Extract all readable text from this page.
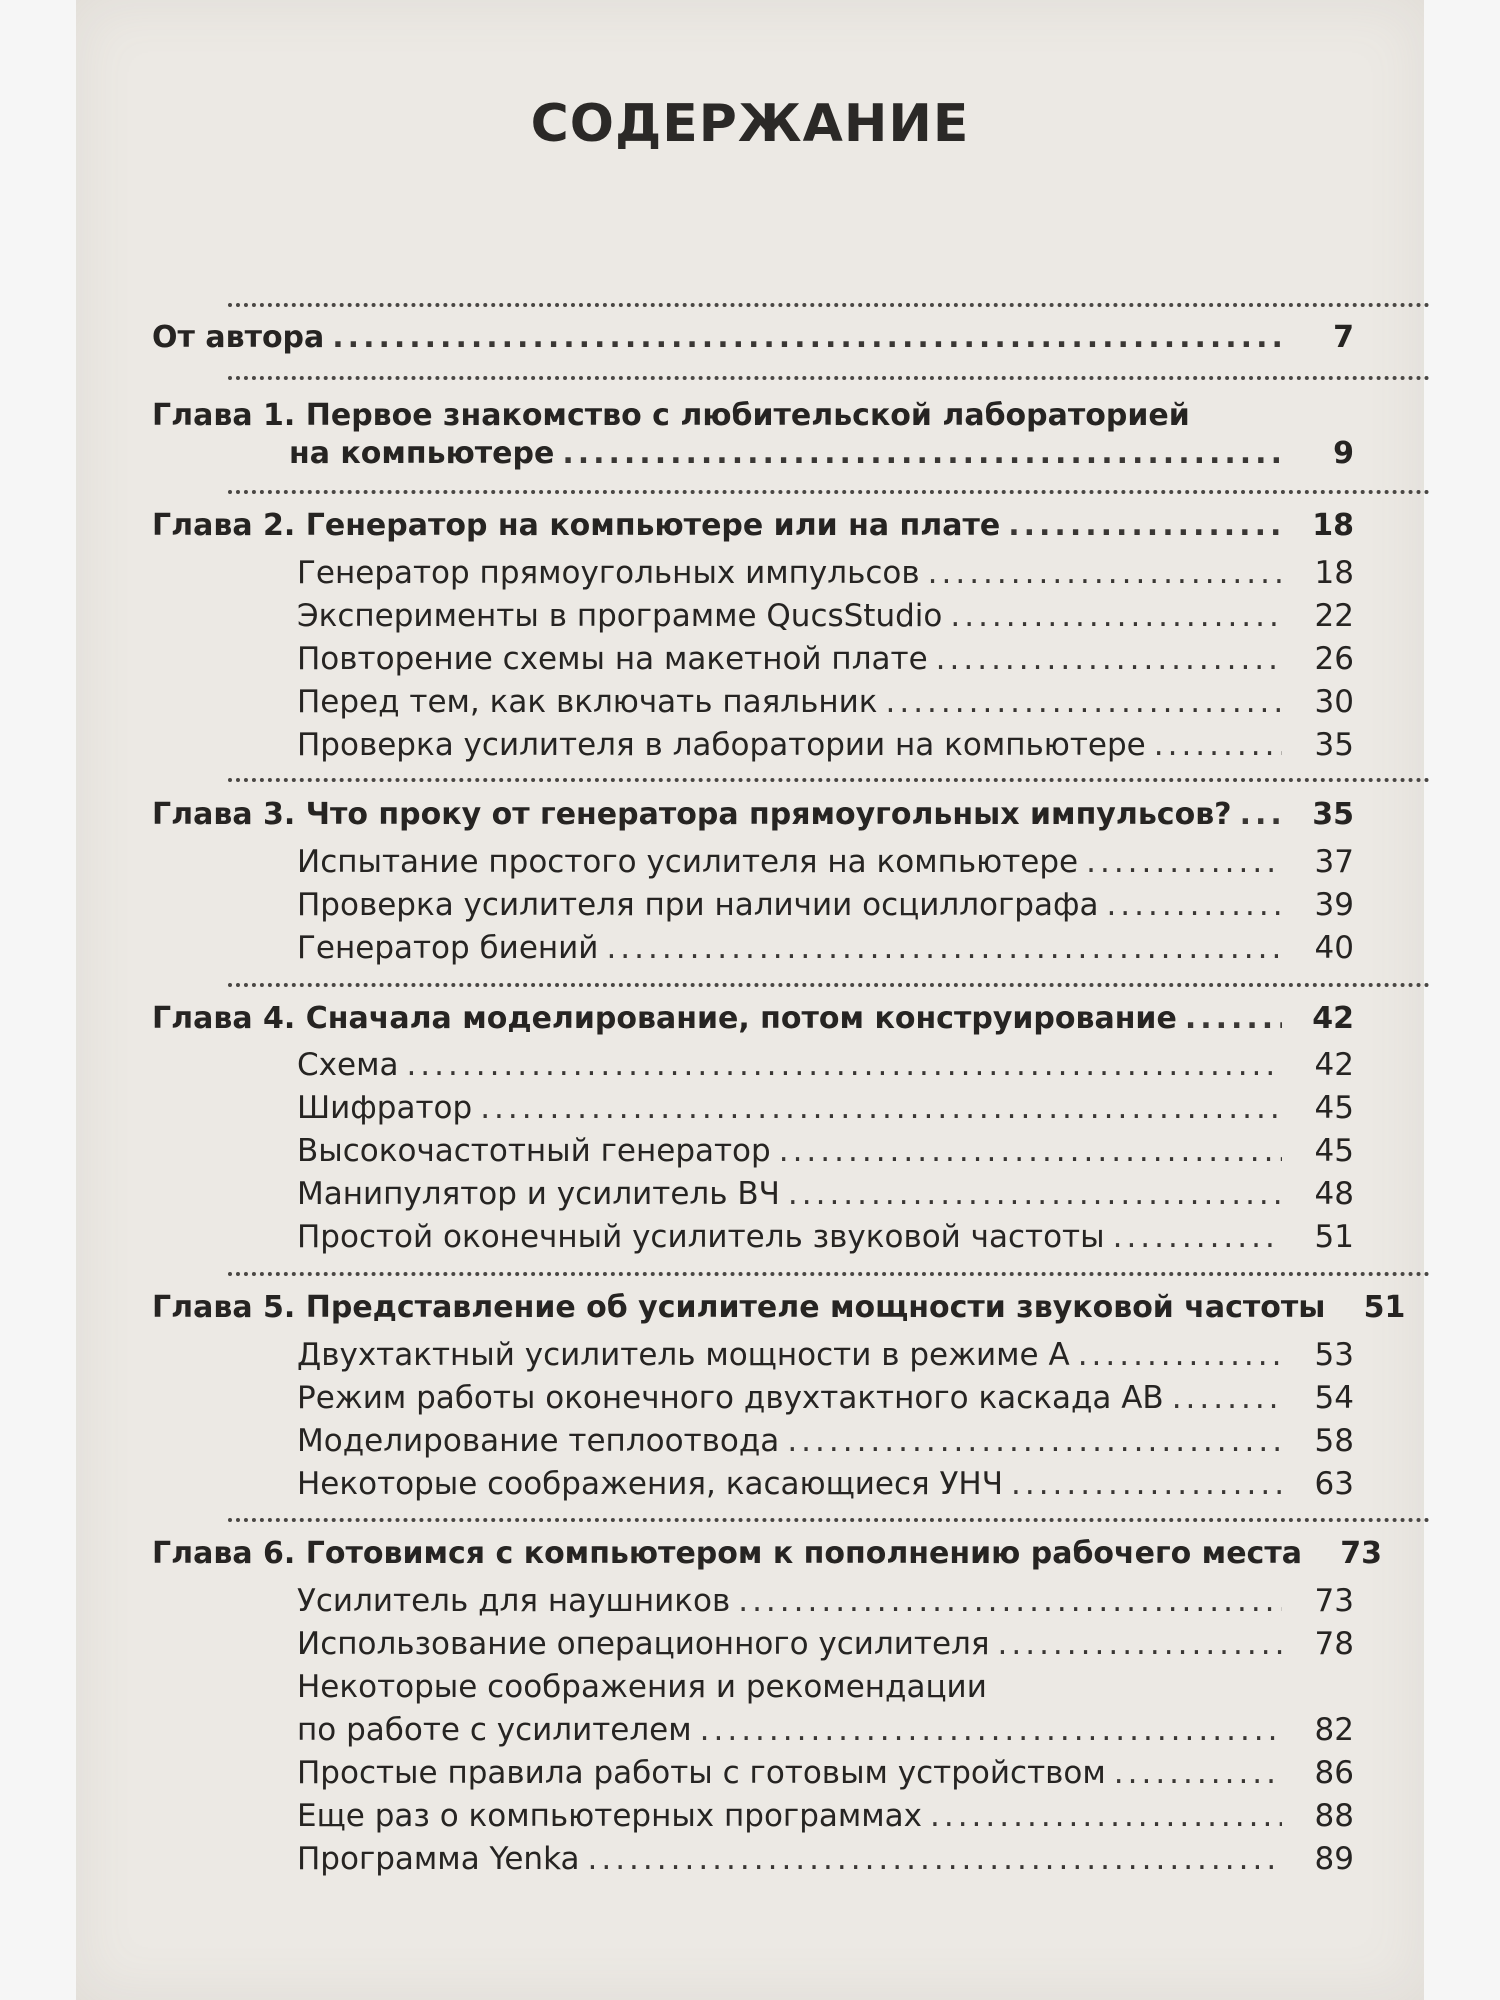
СОДЕРЖАНИЕ
От автора .....	7
Глава 1.
Первое знакомство с любительской лабораторией
на компьютере .....	9
Глава 2.
Генератор на компьютере или на плате .....	18
Генератор прямоугольных импульсов .....	18
Эксперименты в программе QucsStudio .....	22
Повторение схемы на макетной плате .....	26
Перед тем, как включать паяльник .....	30
Проверка усилителя в лаборатории на компьютере .....	35
Глава 3.
Что проку от генератора прямоугольных импульсов? .....	35
Испытание простого усилителя на компьютере .....	37
Проверка усилителя при наличии осциллографа .....	39
Генератор биений .....	40
Глава 4.
Сначала моделирование, потом конструирование .....	42
Схема .....	42
Шифратор .....	45
Высокочастотный генератор .....	45
Манипулятор и усилитель ВЧ .....	48
Простой оконечный усилитель звуковой частоты .....	51
Глава 5.
Представление об усилителе мощности звуковой частоты	51
Двухтактный усилитель мощности в режиме А .....	53
Режим работы оконечного двухтактного каскада АВ .....	54
Моделирование теплоотвода .....	58
Некоторые соображения, касающиеся УНЧ .....	63
Глава 6.
Готовимся с компьютером к пополнению рабочего места	73
Усилитель для наушников .....	73
Использование операционного усилителя .....	78
Некоторые соображения и рекомендации
по работе с усилителем .....	82
Простые правила работы с готовым устройством .....	86
Еще раз о компьютерных программах .....	88
Программа Yenka .....	89
